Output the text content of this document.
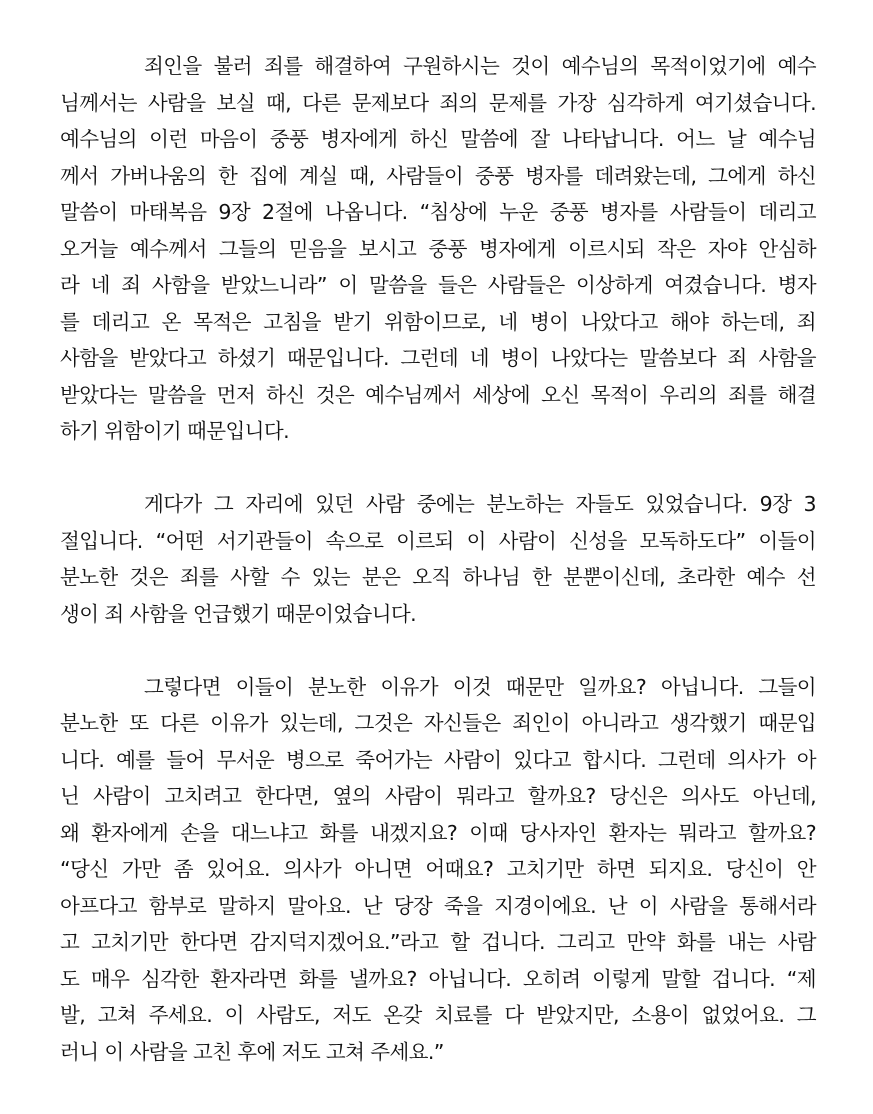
죄인을 불러 죄를 해결하여 구원하시는 것이 예수님의 목적이었기에 예수
님께서는 사람을 보실 때, 다른 문제보다 죄의 문제를 가장 심각하게 여기셨습니다.
예수님의 이런 마음이 중풍 병자에게 하신 말씀에 잘 나타납니다. 어느 날 예수님
께서 가버나움의 한 집에 계실 때, 사람들이 중풍 병자를 데려왔는데, 그에게 하신
말씀이 마태복음 9장 2절에 나옵니다. “침상에 누운 중풍 병자를 사람들이 데리고
오거늘 예수께서 그들의 믿음을 보시고 중풍 병자에게 이르시되 작은 자야 안심하
라 네 죄 사함을 받았느니라” 이 말씀을 들은 사람들은 이상하게 여겼습니다. 병자
를 데리고 온 목적은 고침을 받기 위함이므로, 네 병이 나았다고 해야 하는데, 죄
사함을 받았다고 하셨기 때문입니다. 그런데 네 병이 나았다는 말씀보다 죄 사함을
받았다는 말씀을 먼저 하신 것은 예수님께서 세상에 오신 목적이 우리의 죄를 해결
하기 위함이기 때문입니다.
게다가 그 자리에 있던 사람 중에는 분노하는 자들도 있었습니다. 9장 3
절입니다. “어떤 서기관들이 속으로 이르되 이 사람이 신성을 모독하도다” 이들이
분노한 것은 죄를 사할 수 있는 분은 오직 하나님 한 분뿐이신데, 초라한 예수 선
생이 죄 사함을 언급했기 때문이었습니다.
그렇다면 이들이 분노한 이유가 이것 때문만 일까요? 아닙니다. 그들이
분노한 또 다른 이유가 있는데, 그것은 자신들은 죄인이 아니라고 생각했기 때문입
니다. 예를 들어 무서운 병으로 죽어가는 사람이 있다고 합시다. 그런데 의사가 아
닌 사람이 고치려고 한다면, 옆의 사람이 뭐라고 할까요? 당신은 의사도 아닌데,
왜 환자에게 손을 대느냐고 화를 내겠지요? 이때 당사자인 환자는 뭐라고 할까요?
“당신 가만 좀 있어요. 의사가 아니면 어때요? 고치기만 하면 되지요. 당신이 안
아프다고 함부로 말하지 말아요. 난 당장 죽을 지경이에요. 난 이 사람을 통해서라
고 고치기만 한다면 감지덕지겠어요.”라고 할 겁니다. 그리고 만약 화를 내는 사람
도 매우 심각한 환자라면 화를 낼까요? 아닙니다. 오히려 이렇게 말할 겁니다. “제
발, 고쳐 주세요. 이 사람도, 저도 온갖 치료를 다 받았지만, 소용이 없었어요. 그
러니 이 사람을 고친 후에 저도 고쳐 주세요.”
